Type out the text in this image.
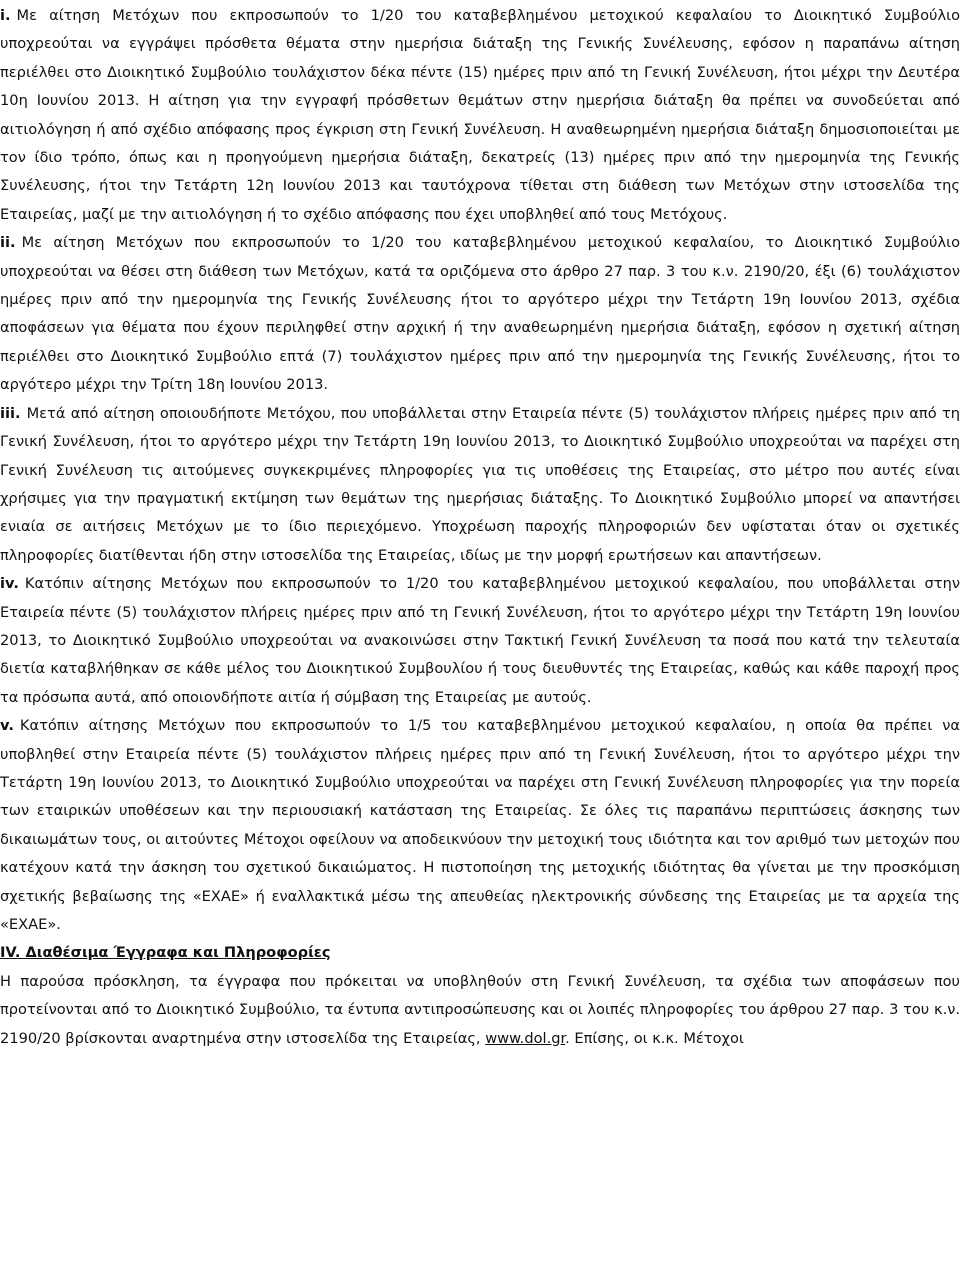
i. Με αίτηση Μετόχων που εκπροσωπούν το 1/20 του καταβεβλημένου μετοχικού κεφαλαίου το Διοικητικό Συμβούλιο υποχρεούται να εγγράψει πρόσθετα θέματα στην ημερήσια διάταξη της Γενικής Συνέλευσης, εφόσον η παραπάνω αίτηση περιέλθει στο Διοικητικό Συμβούλιο τουλάχιστον δέκα πέντε (15) ημέρες πριν από τη Γενική Συνέλευση, ήτοι μέχρι την Δευτέρα 10η Ιουνίου 2013. Η αίτηση για την εγγραφή πρόσθετων θεμάτων στην ημερήσια διάταξη θα πρέπει να συνοδεύεται από αιτιολόγηση ή από σχέδιο απόφασης προς έγκριση στη Γενική Συνέλευση. Η αναθεωρημένη ημερήσια διάταξη δημοσιοποιείται με τον ίδιο τρόπο, όπως και η προηγούμενη ημερήσια διάταξη, δεκατρείς (13) ημέρες πριν από την ημερομηνία της Γενικής Συνέλευσης, ήτοι την Τετάρτη 12η Ιουνίου 2013 και ταυτόχρονα τίθεται στη διάθεση των Μετόχων στην ιστοσελίδα της Εταιρείας, μαζί με την αιτιολόγηση ή το σχέδιο απόφασης που έχει υποβληθεί από τους Μετόχους.

ii. Με αίτηση Μετόχων που εκπροσωπούν το 1/20 του καταβεβλημένου μετοχικού κεφαλαίου, το Διοικητικό Συμβούλιο υποχρεούται να θέσει στη διάθεση των Μετόχων, κατά τα οριζόμενα στο άρθρο 27 παρ. 3 του κ.ν. 2190/20, έξι (6) τουλάχιστον ημέρες πριν από την ημερομηνία της Γενικής Συνέλευσης ήτοι το αργότερο μέχρι την Τετάρτη 19η Ιουνίου 2013, σχέδια αποφάσεων για θέματα που έχουν περιληφθεί στην αρχική ή την αναθεωρημένη ημερήσια διάταξη, εφόσον η σχετική αίτηση περιέλθει στο Διοικητικό Συμβούλιο επτά (7) τουλάχιστον ημέρες πριν από την ημερομηνία της Γενικής Συνέλευσης, ήτοι το αργότερο μέχρι την Τρίτη 18η Ιουνίου 2013.

iii. Μετά από αίτηση οποιουδήποτε Μετόχου, που υποβάλλεται στην Εταιρεία πέντε (5) τουλάχιστον πλήρεις ημέρες πριν από τη Γενική Συνέλευση, ήτοι το αργότερο μέχρι την Τετάρτη 19η Ιουνίου 2013, το Διοικητικό Συμβούλιο υποχρεούται να παρέχει στη Γενική Συνέλευση τις αιτούμενες συγκεκριμένες πληροφορίες για τις υποθέσεις της Εταιρείας, στο μέτρο που αυτές είναι χρήσιμες για την πραγματική εκτίμηση των θεμάτων της ημερήσιας διάταξης. Το Διοικητικό Συμβούλιο μπορεί να απαντήσει ενιαία σε αιτήσεις Μετόχων με το ίδιο περιεχόμενο. Υποχρέωση παροχής πληροφοριών δεν υφίσταται όταν οι σχετικές πληροφορίες διατίθενται ήδη στην ιστοσελίδα της Εταιρείας, ιδίως με την μορφή ερωτήσεων και απαντήσεων.

iv. Κατόπιν αίτησης Μετόχων που εκπροσωπούν το 1/20 του καταβεβλημένου μετοχικού κεφαλαίου, που υποβάλλεται στην Εταιρεία πέντε (5) τουλάχιστον πλήρεις ημέρες πριν από τη Γενική Συνέλευση, ήτοι το αργότερο μέχρι την Τετάρτη 19η Ιουνίου 2013, το Διοικητικό Συμβούλιο υποχρεούται να ανακοινώσει στην Τακτική Γενική Συνέλευση τα ποσά που κατά την τελευταία διετία καταβλήθηκαν σε κάθε μέλος του Διοικητικού Συμβουλίου ή τους διευθυντές της Εταιρείας, καθώς και κάθε παροχή προς τα πρόσωπα αυτά, από οποιονδήποτε αιτία ή σύμβαση της Εταιρείας με αυτούς.

v. Κατόπιν αίτησης Μετόχων που εκπροσωπούν το 1/5 του καταβεβλημένου μετοχικού κεφαλαίου, η οποία θα πρέπει να υποβληθεί στην Εταιρεία πέντε (5) τουλάχιστον πλήρεις ημέρες πριν από τη Γενική Συνέλευση, ήτοι το αργότερο μέχρι την Τετάρτη 19η Ιουνίου 2013, το Διοικητικό Συμβούλιο υποχρεούται να παρέχει στη Γενική Συνέλευση πληροφορίες για την πορεία των εταιρικών υποθέσεων και την περιουσιακή κατάσταση της Εταιρείας. Σε όλες τις παραπάνω περιπτώσεις άσκησης των δικαιωμάτων τους, οι αιτούντες Μέτοχοι οφείλουν να αποδεικνύουν την μετοχική τους ιδιότητα και τον αριθμό των μετοχών που κατέχουν κατά την άσκηση του σχετικού δικαιώματος. Η πιστοποίηση της μετοχικής ιδιότητας θα γίνεται με την προσκόμιση σχετικής βεβαίωσης της «ΕΧΑΕ» ή εναλλακτικά μέσω της απευθείας ηλεκτρονικής σύνδεσης της Εταιρείας με τα αρχεία της «ΕΧΑΕ».

IV. Διαθέσιμα Έγγραφα και Πληροφορίες

Η παρούσα πρόσκληση, τα έγγραφα που πρόκειται να υποβληθούν στη Γενική Συνέλευση, τα σχέδια των αποφάσεων που προτείνονται από το Διοικητικό Συμβούλιο, τα έντυπα αντιπροσώπευσης και οι λοιπές πληροφορίες του άρθρου 27 παρ. 3 του κ.ν. 2190/20 βρίσκονται αναρτημένα στην ιστοσελίδα της Εταιρείας, www.dol.gr. Επίσης, οι κ.κ. Μέτοχοι
